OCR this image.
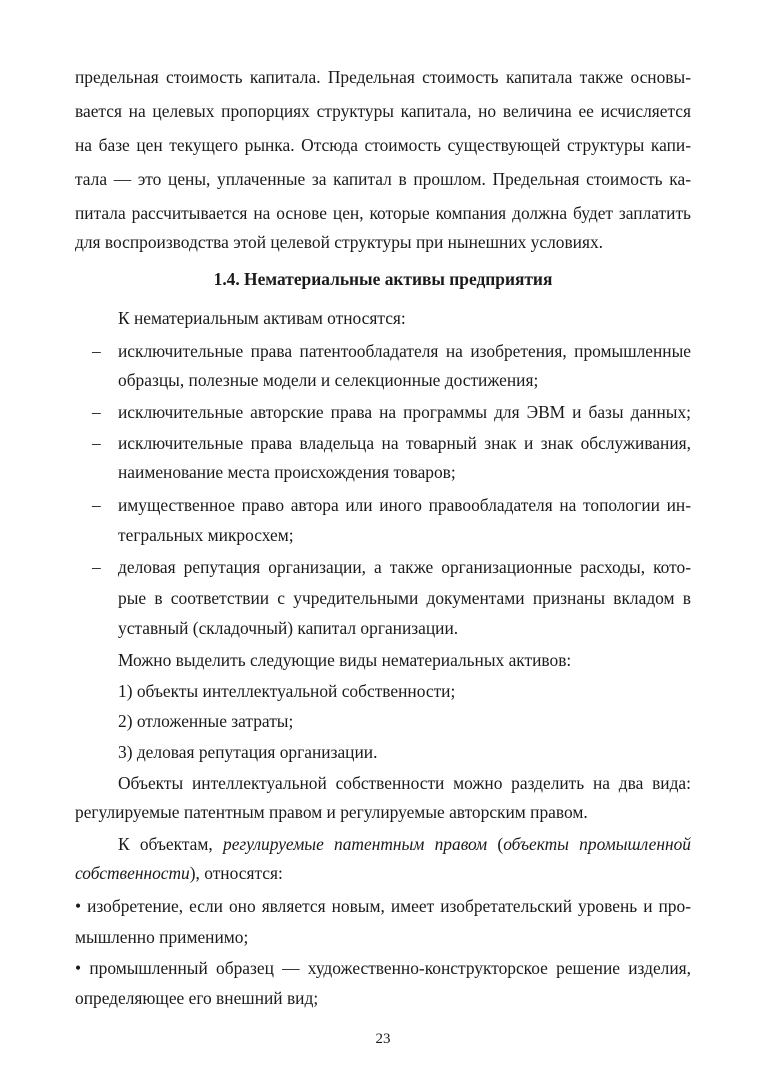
предельная стоимость капитала. Предельная стоимость капитала также основы-
вается на целевых пропорциях структуры капитала, но величина ее исчисляется
на базе цен текущего рынка. Отсюда стоимость существующей структуры капи-
тала — это цены, уплаченные за капитал в прошлом. Предельная стоимость ка-
питала рассчитывается на основе цен, которые компания должна будет заплатить
для воспроизводства этой целевой структуры при нынешних условиях.
1.4. Нематериальные активы предприятия
К нематериальным активам относятся:
– исключительные права патентообладателя на изобретения, промышленные
образцы, полезные модели и селекционные достижения;
– исключительные авторские права на программы для ЭВМ и базы данных;
– исключительные права владельца на товарный знак и знак обслуживания,
наименование места происхождения товаров;
– имущественное право автора или иного правообладателя на топологии ин-
тегральных микросхем;
– деловая репутация организации, а также организационные расходы, кото-
рые в соответствии с учредительными документами признаны вкладом в
уставный (складочный) капитал организации.
Можно выделить следующие виды нематериальных активов:
1) объекты интеллектуальной собственности;
2) отложенные затраты;
3) деловая репутация организации.
Объекты интеллектуальной собственности можно разделить на два вида:
регулируемые патентным правом и регулируемые авторским правом.
К объектам, регулируемые патентным правом (объекты промышленной
собственности), относятся:
• изобретение, если оно является новым, имеет изобретательский уровень и про-
мышленно применимо;
• промышленный образец — художественно-конструкторское решение изделия,
определяющее его внешний вид;
23
